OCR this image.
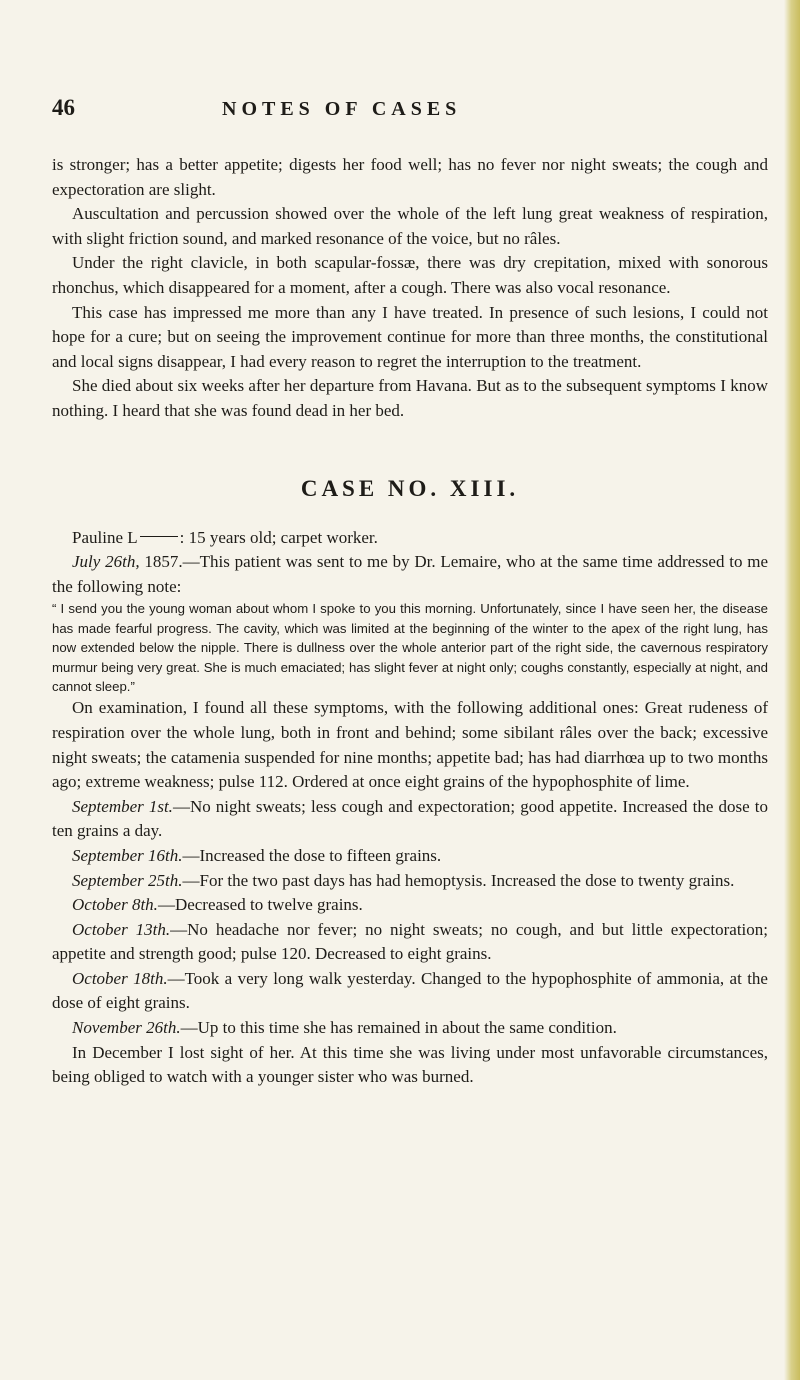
46	NOTES OF CASES

is stronger; has a better appetite; digests her food well; has no fever nor night sweats; the cough and expectoration are slight.

Auscultation and percussion showed over the whole of the left lung great weakness of respiration, with slight friction sound, and marked resonance of the voice, but no râles.

Under the right clavicle, in both scapular-fossæ, there was dry crepitation, mixed with sonorous rhonchus, which disappeared for a moment, after a cough. There was also vocal resonance.

This case has impressed me more than any I have treated. In presence of such lesions, I could not hope for a cure; but on seeing the improvement continue for more than three months, the constitutional and local signs disappear, I had every reason to regret the interruption to the treatment.

She died about six weeks after her departure from Havana. But as to the subsequent symptoms I know nothing. I heard that she was found dead in her bed.

CASE NO. XIII.

Pauline L : 15 years old; carpet worker.

July 26th, 1857.—This patient was sent to me by Dr. Lemaire, who at the same time addressed to me the following note:

“ I send you the young woman about whom I spoke to you this morning. Unfortunately, since I have seen her, the disease has made fearful progress. The cavity, which was limited at the beginning of the winter to the apex of the right lung, has now extended below the nipple. There is dullness over the whole anterior part of the right side, the cavernous respiratory murmur being very great. She is much emaciated; has slight fever at night only; coughs constantly, especially at night, and cannot sleep.”

On examination, I found all these symptoms, with the following additional ones: Great rudeness of respiration over the whole lung, both in front and behind; some sibilant râles over the back; excessive night sweats; the catamenia suspended for nine months; appetite bad; has had diarrhœa up to two months ago; extreme weakness; pulse 112. Ordered at once eight grains of the hypophosphite of lime.

September 1st.—No night sweats; less cough and expectoration; good appetite. Increased the dose to ten grains a day.

September 16th.—Increased the dose to fifteen grains.

September 25th.—For the two past days has had hemoptysis. Increased the dose to twenty grains.

October 8th.—Decreased to twelve grains.

October 13th.—No headache nor fever; no night sweats; no cough, and but little expectoration; appetite and strength good; pulse 120. Decreased to eight grains.

October 18th.—Took a very long walk yesterday. Changed to the hypophosphite of ammonia, at the dose of eight grains.

November 26th.—Up to this time she has remained in about the same condition.

In December I lost sight of her. At this time she was living under most unfavorable circumstances, being obliged to watch with a younger sister who was burned.
